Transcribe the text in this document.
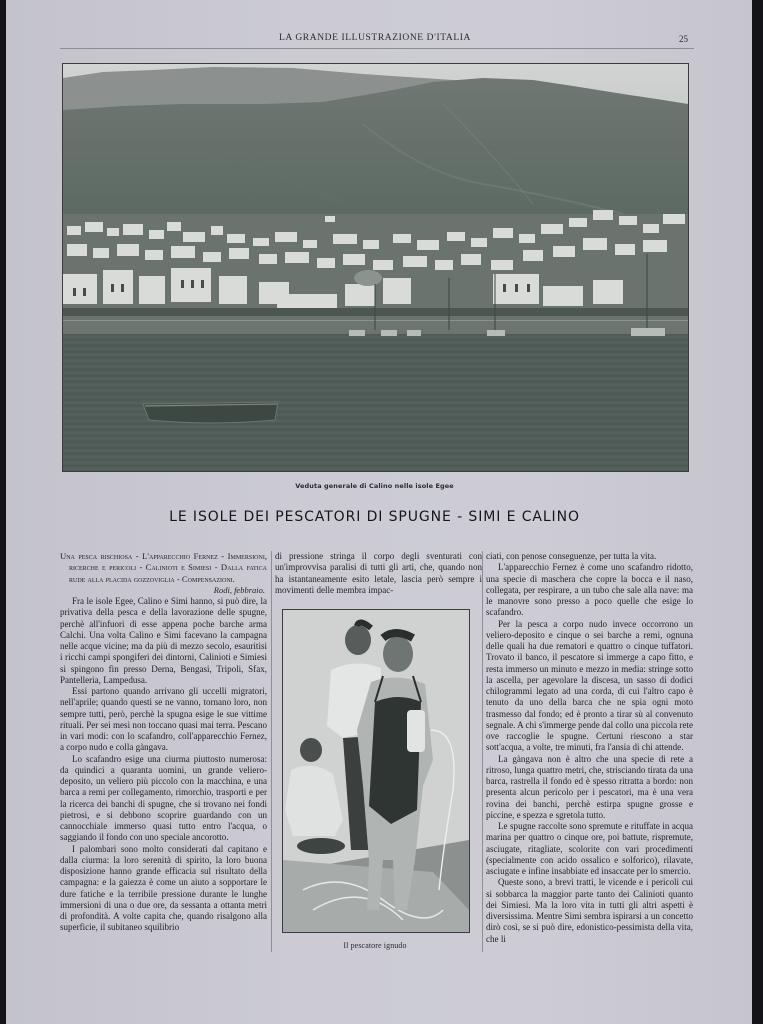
LA GRANDE ILLUSTRAZIONE D'ITALIA	25
Veduta generale di Calino nelle isole Egee
LE ISOLE DEI PESCATORI DI SPUGNE - SIMI E CALINO

Una pesca rischiosa - L'apparecchio Fernez - Immersioni, ricerche e pericoli - Calinioti e Simiesi - Dalla fatica rude alla placida gozzoviglia - Compensazioni.

Rodi, febbraio.

Fra le isole Egee, Calino e Simi hanno, si può dire, la privativa della pesca e della lavorazione delle spugne, perchè all'infuori di esse appena poche barche arma Calchi. Una volta Calino e Simi facevano la campagna nelle acque vicine; ma da più di mezzo secolo, esauritisi i ricchi campi spongiferi dei dintorni, Calinioti e Simiesi si spingono fin presso Derna, Bengasi, Tripoli, Sfax, Pantelleria, Lampedusa.

Essi partono quando arrivano gli uccelli migratori, nell'aprile; quando questi se ne vanno, tornano loro, non sempre tutti, però, perchè la spugna esige le sue vittime rituali. Per sei mesi non toccano quasi mai terra. Pescano in vari modi: con lo scafandro, coll'apparecchio Fernez, a corpo nudo e colla gàngava.

Lo scafandro esige una ciurma piuttosto numerosa: da quindici a quaranta uomini, un grande veliero-deposito, un veliero più piccolo con la macchina, e una barca a remi per collegamento, rimorchio, trasporti e per la ricerca dei banchi di spugne, che si trovano nei fondi pietrosi, e si debbono scoprire guardando con un cannocchiale immerso quasi tutto entro l'acqua, o saggiando il fondo con uno speciale ancorotto.

I palombari sono molto considerati dal capitano e dalla ciurma: la loro serenità di spirito, la loro buona disposizione hanno grande efficacia sul risultato della campagna: e la gaiezza è come un aiuto a sopportare le dure fatiche e la terribile pressione durante le lunghe immersioni di una o due ore, da sessanta a ottanta metri di profondità. A volte capita che, quando risalgono alla superficie, il subitaneo squilibrio

di pressione stringa il corpo degli sventurati con un'improvvisa paralisi di tutti gli arti, che, quando non ha istantaneamente esito letale, lascia però sempre i movimenti delle membra impac-

Il pescatore ignudo

ciati, con penose conseguenze, per tutta la vita.

L'apparecchio Fernez è come uno scafandro ridotto, una specie di maschera che copre la bocca e il naso, collegata, per respirare, a un tubo che sale alla nave: ma le manovre sono presso a poco quelle che esige lo scafandro.

Per la pesca a corpo nudo invece occorrono un veliero-deposito e cinque o sei barche a remi, ognuna delle quali ha due rematori e quattro o cinque tuffatori. Trovato il banco, il pescatore si immerge a capo fitto, e resta immerso un minuto e mezzo in media: stringe sotto la ascella, per agevolare la discesa, un sasso di dodici chilogrammi legato ad una corda, di cui l'altro capo è tenuto da uno della barca che ne spia ogni moto trasmesso dal fondo; ed è pronto a tirar sù al convenuto segnale. A chi s'immerge pende dal collo una piccola rete ove raccoglie le spugne. Certuni riescono a star sott'acqua, a volte, tre minuti, fra l'ansia di chi attende.

La gàngava non è altro che una specie di rete a ritroso, lunga quattro metri, che, strisciando tirata da una barca, rastrella il fondo ed è spesso ritratta a bordo: non presenta alcun pericolo per i pescatori, ma è una vera rovina dei banchi, perchè estirpa spugne grosse e piccine, e spezza e sgretola tutto.

Le spugne raccolte sono spremute e rituffate in acqua marina per quattro o cinque ore, poi battute, rispremute, asciugate, ritagliate, scolorite con vari procedimenti (specialmente con acido ossalico e solforico), rilavate, asciugate e infine insabbiate ed insaccate per lo smercio.

Queste sono, a brevi tratti, le vicende e i pericoli cui si sobbarca la maggior parte tanto dei Calinioti quanto dei Simiesi. Ma la loro vita in tutti gli altri aspetti è diversissima. Mentre Simi sembra ispirarsi a un concetto dirò così, se si può dire, edonistico-pessimista della vita, che li
